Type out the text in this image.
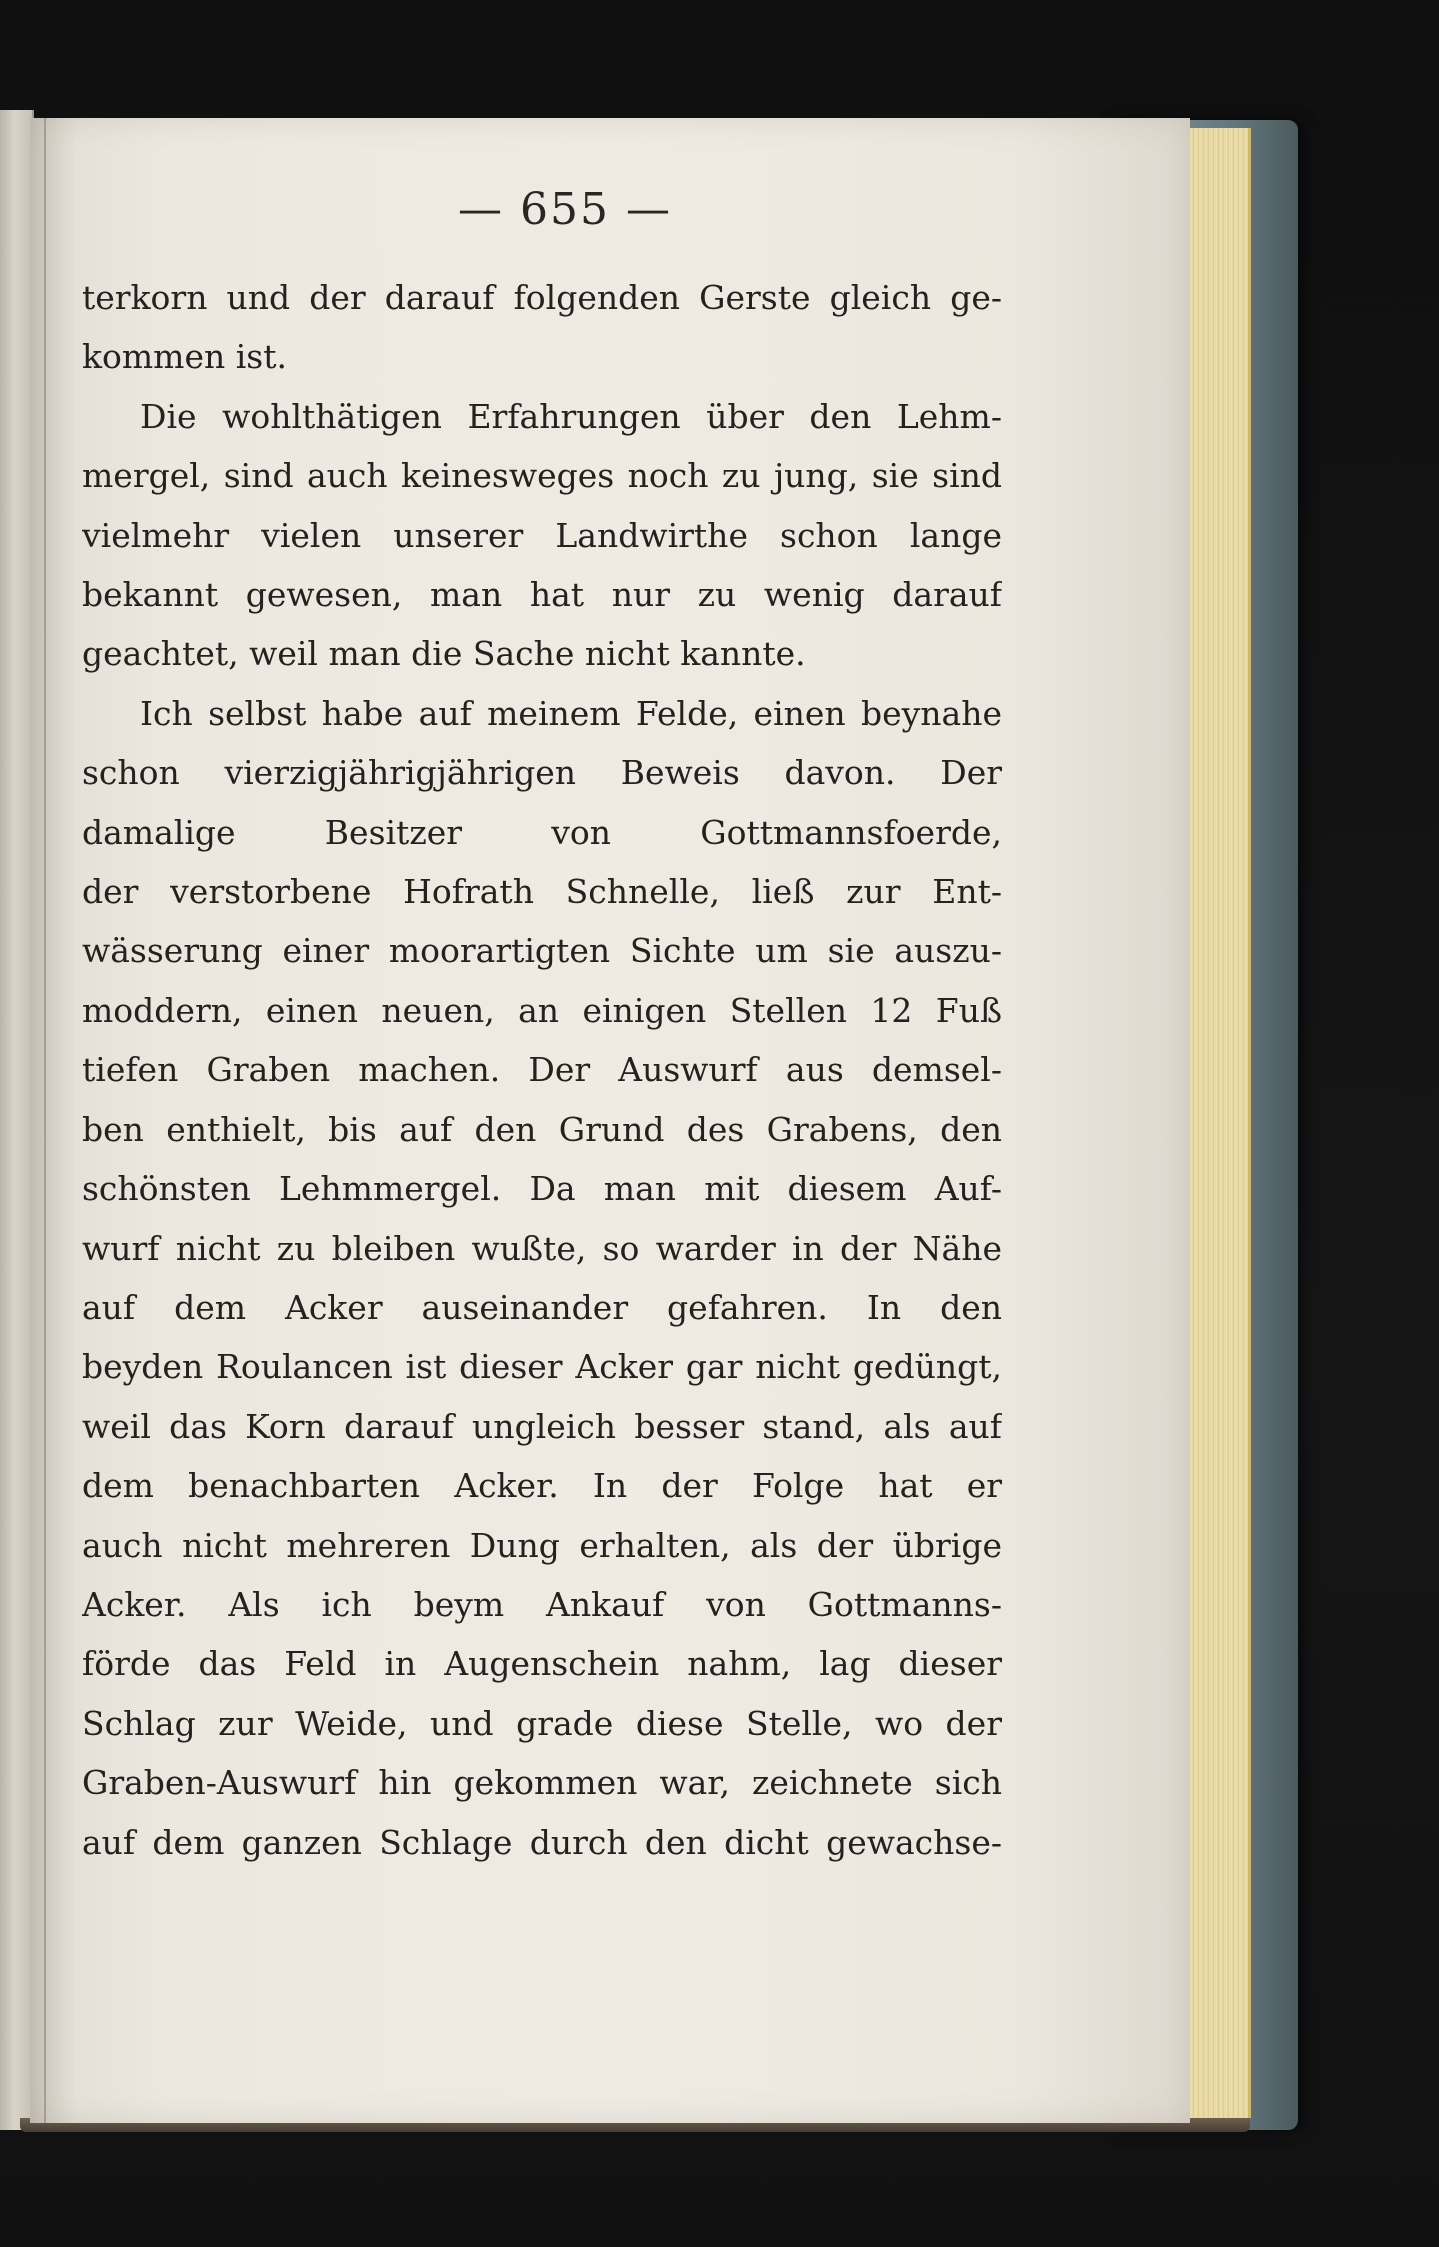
— 655 —
terkorn und der darauf folgenden Gerste gleich ge-
kommen ist.
Die wohlthätigen Erfahrungen über den Lehm-
mergel, sind auch keinesweges noch zu jung, sie sind
vielmehr vielen unserer Landwirthe schon lange
bekannt gewesen, man hat nur zu wenig darauf
geachtet, weil man die Sache nicht kannte.
Ich selbst habe auf meinem Felde, einen beynahe
schon vierzigjährigjährigen Beweis davon. Der
damalige Besitzer von Gottmannsfoerde,
der verstorbene Hofrath Schnelle, ließ zur Ent-
wässerung einer moorartigten Sichte um sie auszu-
moddern, einen neuen, an einigen Stellen 12 Fuß
tiefen Graben machen. Der Auswurf aus demsel-
ben enthielt, bis auf den Grund des Grabens, den
schönsten Lehmmergel. Da man mit diesem Auf-
wurf nicht zu bleiben wußte, so warder in der Nähe
auf dem Acker auseinander gefahren. In den
beyden Roulancen ist dieser Acker gar nicht gedüngt,
weil das Korn darauf ungleich besser stand, als auf
dem benachbarten Acker. In der Folge hat er
auch nicht mehreren Dung erhalten, als der übrige
Acker. Als ich beym Ankauf von Gottmanns-
förde das Feld in Augenschein nahm, lag dieser
Schlag zur Weide, und grade diese Stelle, wo der
Graben-Auswurf hin gekommen war, zeichnete sich
auf dem ganzen Schlage durch den dicht gewachse-
